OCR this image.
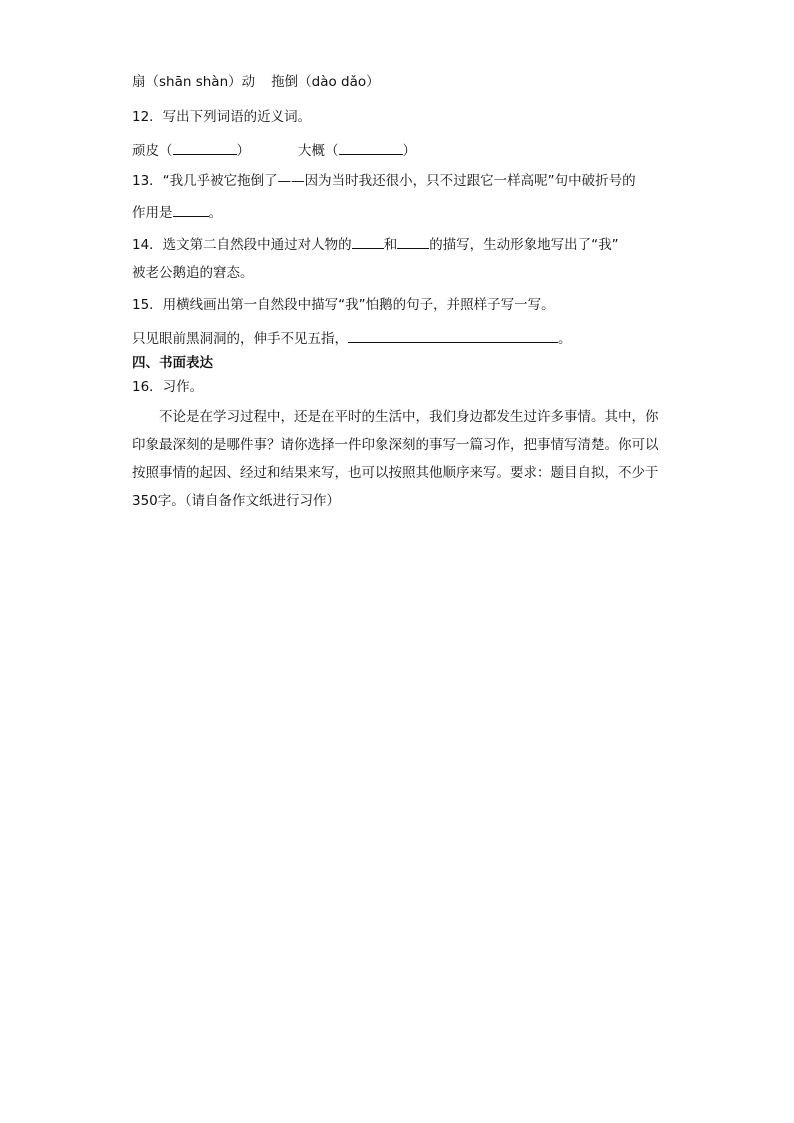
扇（shān shàn）动 拖倒（dào dǎo）
12．写出下列词语的近义词。
顽皮（	）	大概（	）
13．“我几乎被它拖倒了——因为当时我还很小，只不过跟它一样高呢”句中破折号的
作用是	。
14．选文第二自然段中通过对人物的 和 的描写，生动形象地写出了“我”
被老公鹅追的窘态。
15．用横线画出第一自然段中描写“我”怕鹅的句子，并照样子写一写。
只见眼前黑洞洞的，伸手不见五指，	。
四、书面表达
16．习作。
不论是在学习过程中，还是在平时的生活中，我们身边都发生过许多事情。其中，你印象最深刻的是哪件事？请你选择一件印象深刻的事写一篇习作，把事情写清楚。你可以按照事情的起因、经过和结果来写，也可以按照其他顺序来写。要求：题目自拟，不少于 350字。（请自备作文纸进行习作）
